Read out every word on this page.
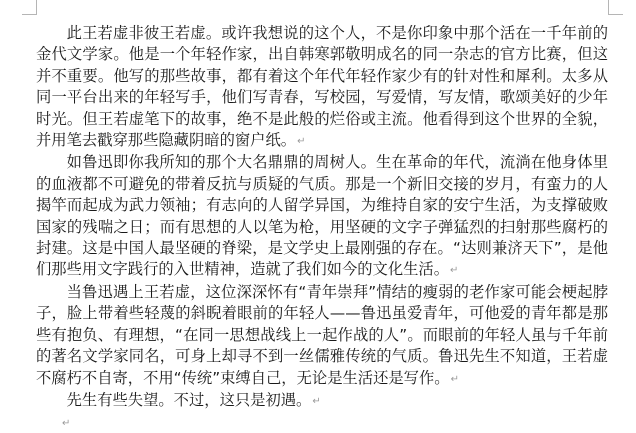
此王若虚非彼王若虚。或许我想说的这个人，不是你印象中那个活在一千年前的金代文学家。他是一个年轻作家，出自韩寒郭敬明成名的同一杂志的官方比赛，但这并不重要。他写的那些故事，都有着这个年代年轻作家少有的针对性和犀利。太多从同一平台出来的年轻写手，他们写青春，写校园，写爱情，写友情，歌颂美好的少年时光。但王若虚笔下的故事，绝不是此般的烂俗或主流。他看得到这个世界的全貌，并用笔去戳穿那些隐藏阴暗的窗户纸。↵

如鲁迅即你我所知的那个大名鼎鼎的周树人。生在革命的年代，流淌在他身体里的血液都不可避免的带着反抗与质疑的气质。那是一个新旧交接的岁月，有蛮力的人揭竿而起成为武力领袖；有志向的人留学异国，为维持自家的安宁生活，为支撑破败国家的残喘之日；而有思想的人以笔为枪，用坚硬的文字子弹猛烈的扫射那些腐朽的封建。这是中国人最坚硬的脊梁，是文学史上最刚强的存在。“达则兼济天下”，是他们那些用文字践行的入世精神，造就了我们如今的文化生活。↵

当鲁迅遇上王若虚，这位深深怀有“青年崇拜”情结的瘦弱的老作家可能会梗起脖子，脸上带着些轻蔑的斜睨着眼前的年轻人——鲁迅虽爱青年，可他爱的青年都是那些有抱负、有理想，“在同一思想战线上一起作战的人”。而眼前的年轻人虽与千年前的著名文学家同名，可身上却寻不到一丝儒雅传统的气质。鲁迅先生不知道，王若虚不腐朽不自寄，不用“传统”束缚自己，无论是生活还是写作。↵

先生有些失望。不过，这只是初遇。↵

↵
